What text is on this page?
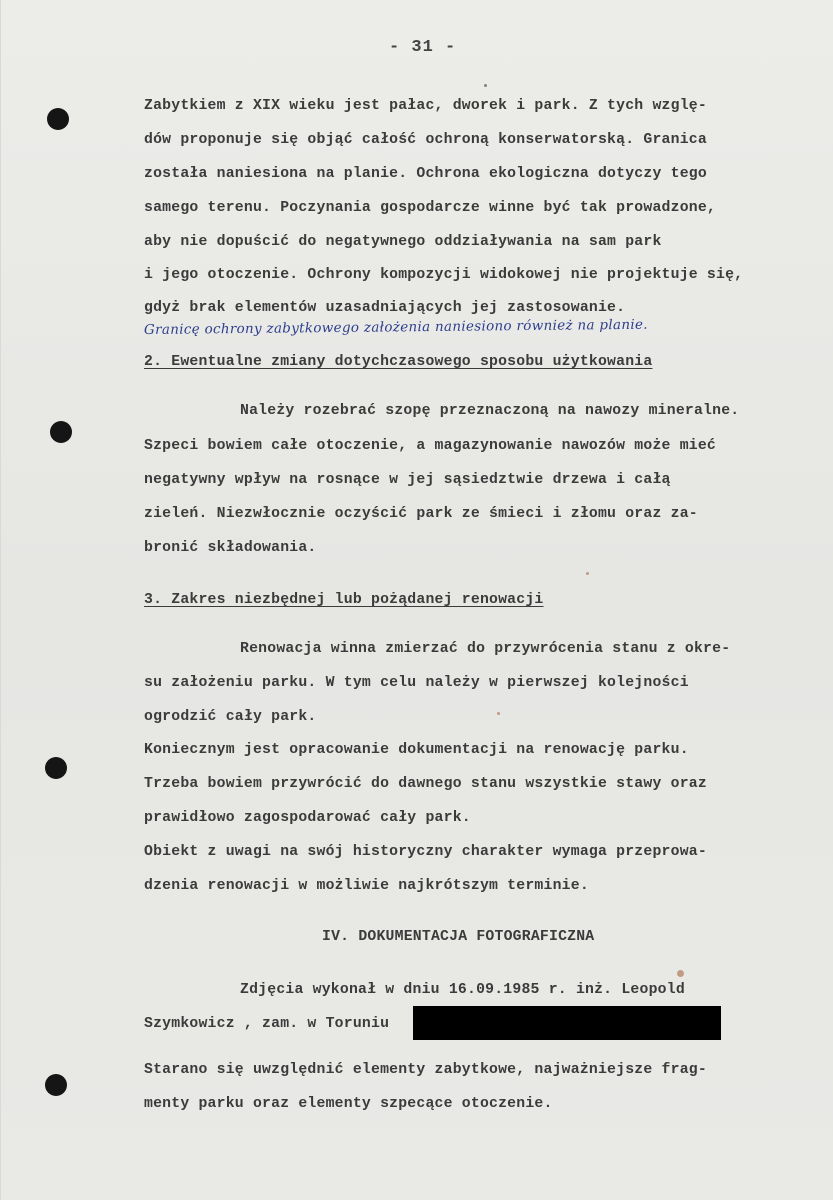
- 31 -
Zabytkiem z XIX wieku jest pałac, dworek i park. Z tych wzglę-
dów proponuje się objąć całość ochroną konserwatorską. Granica
została naniesiona na planie. Ochrona ekologiczna dotyczy tego
samego terenu. Poczynania gospodarcze winne być tak prowadzone,
aby nie dopuścić do negatywnego oddziaływania na sam park
i jego otoczenie. Ochrony kompozycji widokowej nie projektuje się,
gdyż brak elementów uzasadniających jej zastosowanie.
Granicę ochrony zabytkowego założenia naniesiono również na planie.
2. Ewentualne zmiany dotychczasowego sposobu użytkowania
Należy rozebrać szopę przeznaczoną na nawozy mineralne.
Szpeci bowiem całe otoczenie, a magazynowanie nawozów może mieć
negatywny wpływ na rosnące w jej sąsiedztwie drzewa i całą
zieleń. Niezwłocznie oczyścić park ze śmieci i złomu oraz za-
bronić składowania.
3. Zakres niezbędnej lub pożądanej renowacji
Renowacja winna zmierzać do przywrócenia stanu z okre-
su założeniu parku. W tym celu należy w pierwszej kolejności
ogrodzić cały park.
Koniecznym jest opracowanie dokumentacji na renowację parku.
Trzeba bowiem przywrócić do dawnego stanu wszystkie stawy oraz
prawidłowo zagospodarować cały park.
Obiekt z uwagi na swój historyczny charakter wymaga przeprowa-
dzenia renowacji w możliwie najkrótszym terminie.
IV. DOKUMENTACJA FOTOGRAFICZNA
Zdjęcia wykonał w dniu 16.09.1985 r. inż. Leopold
Szymkowicz , zam. w Toruniu
Starano się uwzględnić elementy zabytkowe, najważniejsze frag-
menty parku oraz elementy szpecące otoczenie.
